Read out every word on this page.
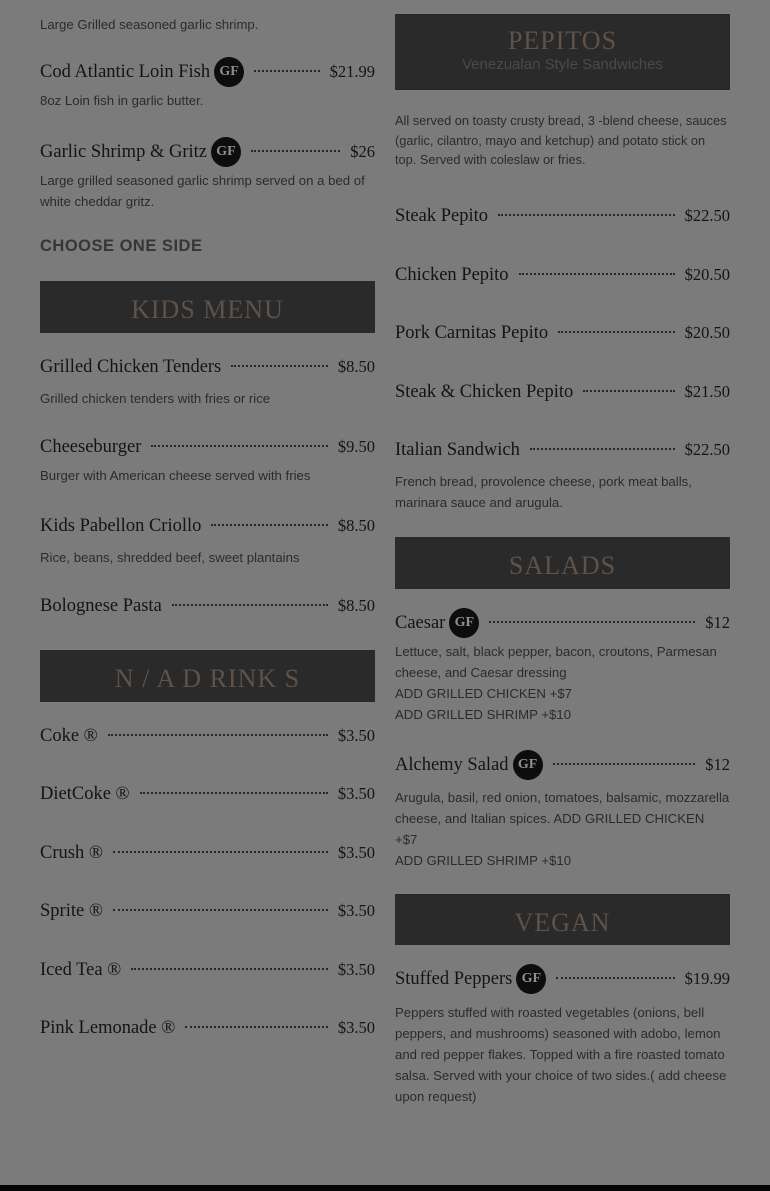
Large Grilled seasoned garlic shrimp.
Cod Atlantic Loin Fish GF	$21.99
8oz Loin fish in garlic butter.
Garlic Shrimp & Gritz GF	$26
Large grilled seasoned garlic shrimp served on a bed of white cheddar gritz.
CHOOSE ONE SIDE
KIDS MENU
Grilled Chicken Tenders	$8.50
Grilled chicken tenders with fries or rice
Cheeseburger	$9.50
Burger with American cheese served with fries
Kids Pabellon Criollo	$8.50
Rice, beans, shredded beef, sweet plantains
Bolognese Pasta	$8.50
N / A D RINK S
Coke ®	$3.50
DietCoke ®	$3.50
Crush ®	$3.50
Sprite ®	$3.50
Iced Tea ®	$3.50
Pink Lemonade ®	$3.50
PEPITOS
Venezualan Style Sandwiches
All served on toasty crusty bread, 3 -blend cheese, sauces (garlic, cilantro, mayo and ketchup) and potato stick on top. Served with coleslaw or fries.
Steak Pepito	$22.50
Chicken Pepito	$20.50
Pork Carnitas Pepito	$20.50
Steak & Chicken Pepito	$21.50
Italian Sandwich	$22.50
French bread, provolence cheese, pork meat balls, marinara sauce and arugula.
SALADS
Caesar GF	$12
Lettuce, salt, black pepper, bacon, croutons, Parmesan cheese, and Caesar dressing
ADD GRILLED CHICKEN +$7
ADD GRILLED SHRIMP +$10
Alchemy Salad GF	$12
Arugula, basil, red onion, tomatoes, balsamic, mozzarella cheese, and Italian spices. ADD GRILLED CHICKEN +$7
ADD GRILLED SHRIMP +$10
VEGAN
Stuffed Peppers GF	$19.99
Peppers stuffed with roasted vegetables (onions, bell peppers, and mushrooms) seasoned with adobo, lemon and red pepper flakes. Topped with a fire roasted tomato salsa. Served with your choice of two sides.( add cheese upon request)
